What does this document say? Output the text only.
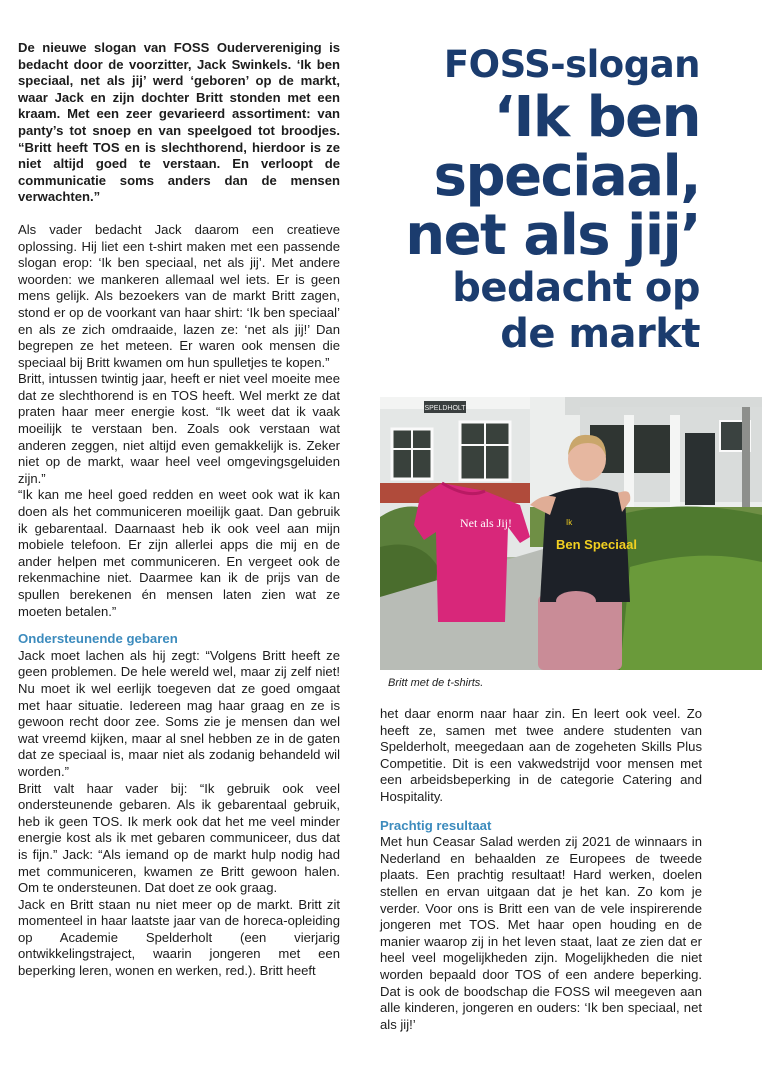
De nieuwe slogan van FOSS Oudervereniging is bedacht door de voorzitter, Jack Swinkels. ‘Ik ben speciaal, net als jij’ werd ‘geboren’ op de markt, waar Jack en zijn dochter Britt stonden met een kraam. Met een zeer gevarieerd assortiment: van panty’s tot snoep en van speelgoed tot broodjes. “Britt heeft TOS en is slechthorend, hierdoor is ze niet altijd goed te verstaan. En verloopt de communicatie soms anders dan de mensen verwachten.”

Als vader bedacht Jack daarom een creatieve oplossing. Hij liet een t-shirt maken met een passende slogan erop: ‘Ik ben speciaal, net als jij’. Met andere woorden: we mankeren allemaal wel iets. Er is geen mens gelijk. Als bezoekers van de markt Britt zagen, stond er op de voorkant van haar shirt: ‘Ik ben speciaal’ en als ze zich omdraaide, lazen ze: ‘net als jij!’ Dan begrepen ze het meteen. Er waren ook mensen die speciaal bij Britt kwamen om hun spulletjes te kopen.”

Britt, intussen twintig jaar, heeft er niet veel moeite mee dat ze slechthorend is en TOS heeft. Wel merkt ze dat praten haar meer energie kost. “Ik weet dat ik vaak moeilijk te verstaan ben. Zoals ook verstaan wat anderen zeggen, niet altijd even gemakkelijk is. Zeker niet op de markt, waar heel veel omgevingsgeluiden zijn.”

“Ik kan me heel goed redden en weet ook wat ik kan doen als het communiceren moeilijk gaat. Dan gebruik ik gebarentaal. Daarnaast heb ik ook veel aan mijn mobiele telefoon. Er zijn allerlei apps die mij en de ander helpen met communiceren. En vergeet ook de rekenmachine niet. Daarmee kan ik de prijs van de spullen berekenen én mensen laten zien wat ze moeten betalen.”

Ondersteunende gebaren

Jack moet lachen als hij zegt: “Volgens Britt heeft ze geen problemen. De hele wereld wel, maar zij zelf niet! Nu moet ik wel eerlijk toegeven dat ze goed omgaat met haar situatie. Iedereen mag haar graag en ze is gewoon recht door zee. Soms zie je mensen dan wel wat vreemd kijken, maar al snel hebben ze in de gaten dat ze speciaal is, maar niet als zodanig behandeld wil worden.”

Britt valt haar vader bij: “Ik gebruik ook veel ondersteunende gebaren. Als ik gebarentaal gebruik, heb ik geen TOS. Ik merk ook dat het me veel minder energie kost als ik met gebaren communiceer, dus dat is fijn.” Jack: “Als iemand op de markt hulp nodig had met communiceren, kwamen ze Britt gewoon halen. Om te ondersteunen. Dat doet ze ook graag.

Jack en Britt staan nu niet meer op de markt. Britt zit momenteel in haar laatste jaar van de horeca-opleiding op Academie Spelderholt (een vierjarig ontwikkelingstraject, waarin jongeren met een beperking leren, wonen en werken, red.). Britt heeft

FOSS-slogan
‘Ik ben
speciaal,
net als jij’
bedacht op
de markt
SPELDHOLT
Net als Jij!	Ik
Ben Speciaal
Britt met de t-shirts.

het daar enorm naar haar zin. En leert ook veel. Zo heeft ze, samen met twee andere studenten van Spelderholt, meegedaan aan de zogeheten Skills Plus Competitie. Dit is een vakwedstrijd voor mensen met een arbeidsbeperking in de categorie Catering and Hospitality.

Prachtig resultaat

Met hun Ceasar Salad werden zij 2021 de winnaars in Nederland en behaalden ze Europees de tweede plaats. Een prachtig resultaat! Hard werken, doelen stellen en ervan uitgaan dat je het kan. Zo kom je verder. Voor ons is Britt een van de vele inspirerende jongeren met TOS. Met haar open houding en de manier waarop zij in het leven staat, laat ze zien dat er heel veel mogelijkheden zijn. Mogelijkheden die niet worden bepaald door TOS of een andere beperking. Dat is ook de boodschap die FOSS wil meegeven aan alle kinderen, jongeren en ouders: ‘Ik ben speciaal, net als jij!’
